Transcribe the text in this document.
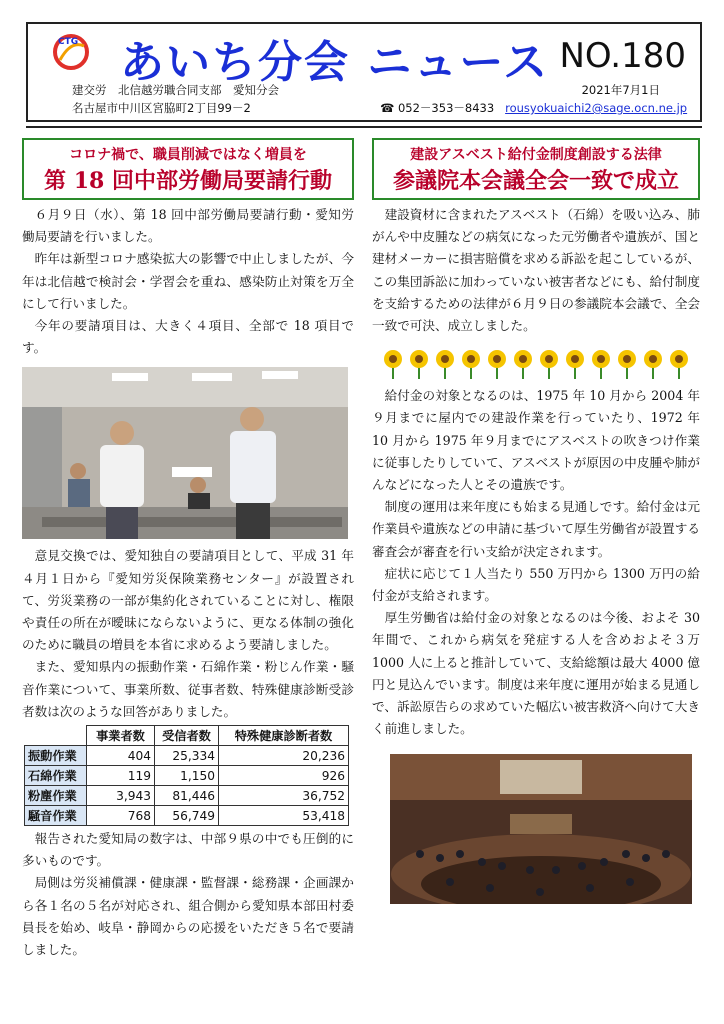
CTG あいち分会 ニュース NO.180
建交労　北信越労職合同支部　愛知分会
名古屋市中川区宮脇町2丁目99－2
2021年7月1日
☎ 052－353－8433 rousyokuaichi2@sage.ocn.ne.jp
コロナ禍で、職員削減ではなく増員を
第 18 回中部労働局要請行動
６月９日（水）、第 18 回中部労働局要請行動・愛知労働局要請を行いました。
昨年は新型コロナ感染拡大の影響で中止しましたが、今年は北信越で検討会・学習会を重ね、感染防止対策を万全にして行いました。
今年の要請項目は、大きく４項目、全部で 18 項目です。
意見交換では、愛知独自の要請項目として、平成 31 年４月１日から『愛知労災保険業務センター』が設置されて、労災業務の一部が集約化されていることに対し、権限や責任の所在が曖昧にならないように、更なる体制の強化のために職員の増員を本省に求めるよう要請しました。
また、愛知県内の振動作業・石綿作業・粉じん作業・騒音作業について、事業所数、従事者数、特殊健康診断受診者数は次のような回答がありました。
	事業者数	受信者数	特殊健康診断者数
振動作業	404	25,334	20,236
石綿作業	119	1,150	926
粉塵作業	3,943	81,446	36,752
騒音作業	768	56,749	53,418
報告された愛知局の数字は、中部９県の中でも圧倒的に多いものです。
局側は労災補償課・健康課・監督課・総務課・企画課から各１名の５名が対応され、組合側から愛知県本部田村委員長を始め、岐阜・静岡からの応援をいただき５名で要請しました。
建設アスベスト給付金制度創設する法律
参議院本会議全会一致で成立
建設資材に含まれたアスベスト（石綿）を吸い込み、肺がんや中皮腫などの病気になった元労働者や遺族が、国と建材メーカーに損害賠償を求める訴訟を起こしているが、この集団訴訟に加わっていない被害者などにも、給付制度を支給するための法律が６月９日の参議院本会議で、全会一致で可決、成立しました。
給付金の対象となるのは、1975 年 10 月から 2004 年９月までに屋内での建設作業を行っていたり、1972 年 10 月から 1975 年９月までにアスベストの吹きつけ作業に従事したりしていて、アスベストが原因の中皮腫や肺がんなどになった人とその遺族です。
制度の運用は来年度にも始まる見通しです。給付金は元作業員や遺族などの申請に基づいて厚生労働省が設置する審査会が審査を行い支給が決定されます。
症状に応じて１人当たり 550 万円から 1300 万円の給付金が支給されます。
厚生労働省は給付金の対象となるのは今後、およそ 30 年間で、これから病気を発症する人を含めおよそ３万 1000 人に上ると推計していて、支給総額は最大 4000 億円と見込んでいます。制度は来年度に運用が始まる見通しで、訴訟原告らの求めていた幅広い被害救済へ向けて大きく前進しました。
